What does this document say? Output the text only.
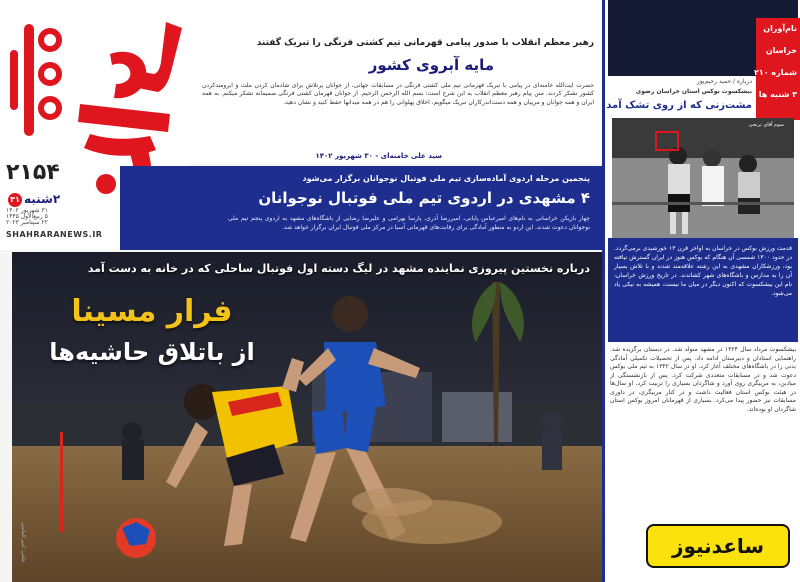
۲۱۵۴
۳۱ ۲شنبه
۳۱ شهریور ۱۴۰۲
۵ ربیع‌الاول ۱۴۴۵
۲۲ سپتامبر ۲۰۲۳
SHAHRARANEWS.IR
رهبر معظم انقلاب با صدور پیامی قهرمانی تیم کشتی فرنگی را تبریک گفتند
مایه آبروی کشور
حضرت آیت‌الله خامنه‌ای در پیامی با تبریک قهرمانی تیم ملی کشتی فرنگی در مسابقات جهانی، از جوانان پرتلاش برای شادمان کردن ملت و آبرومندکردن کشور تشکر کردند. متن پیام رهبر معظم انقلاب به این شرح است: بسم الله الرحمن الرحیم. از جوانان قهرمان کشتی فرنگی صمیمانه تشکر میکنم. به همه ایران و همه جوانان و مربیان و همه دست‌اندرکاران تبریک میگویم. اخلاق پهلوانی را هم در همه میدانها حفظ کنید و نشان دهید.
سید علی خامنه‌ای - ۳۰ شهریور ۱۴۰۲
پنجمین مرحله اردوی آماده‌سازی تیم ملی فوتبال نوجوانان برگزار می‌شود
۴ مشهدی در اردوی تیم ملی فوتبال نوجوانان
چهار بازیکن خراسانی به نام‌های امیرعباس پایانی، امیررضا آذری، پارسا بهرامی و علیرضا رضایی از باشگاه‌های مشهد به اردوی پنجم تیم ملی نوجوانان دعوت شدند. این اردو به منظور آمادگی برای رقابت‌های قهرمانی آسیا در مرکز ملی فوتبال ایران برگزار خواهد شد.
درباره نخستین پیروزی نماینده مشهد در لیگ دسته اول فوتبال ساحلی که در خانه به دست آمد
فرار مسینا
از باتلاق حاشیه‌ها
عکس: امیر الماسی
نام‌آوران
خراسان
شماره ۲۱۰
۳ شنبه ها
درباره / حمید رحیم‌پور
بیشکسوت بوکس استان خراسان رضوی
مشت‌زنی که از روی تشک آمد!
سوم آقای ترنجی

قدمت ورزش بوکس در خراسان به اواخر قرن ۱۳ خورشیدی برمی‌گردد. در حدود ۱۳۰۰ شمسی آن هنگام که بوکس هنوز در ایران گسترش نیافته بود، ورزشکاران مشهدی به این رشته علاقه‌مند شدند و با تلاش بسیار آن را به مدارس و باشگاه‌های شهر کشاندند. در تاریخ ورزش خراسان، نام این بیشکسوت که اکنون دیگر در میان ما نیست، همیشه به نیکی یاد می‌شود.

بیشکسوت مرداد سال ۱۳۲۴ در مشهد متولد شد. در دبستان برگزیده شد. راهنمایی استادان و دبیرستان ادامه داد. پس از تحصیلات تکمیلی آمادگی بدنی را در باشگاه‌های مختلف آغاز کرد. او در سال ۱۳۴۲ به تیم ملی بوکس دعوت شد و در مسابقات متعددی شرکت کرد. پس از بازنشستگی از میادین، به مربیگری روی آورد و شاگردان بسیاری را تربیت کرد. او سال‌ها در هیئت بوکس استان فعالیت داشت و در کنار مربیگری، در داوری مسابقات نیز حضور پیدا می‌کرد. بسیاری از قهرمانان امروز بوکس استان شاگردان او بوده‌اند.
ساعدنیوز
